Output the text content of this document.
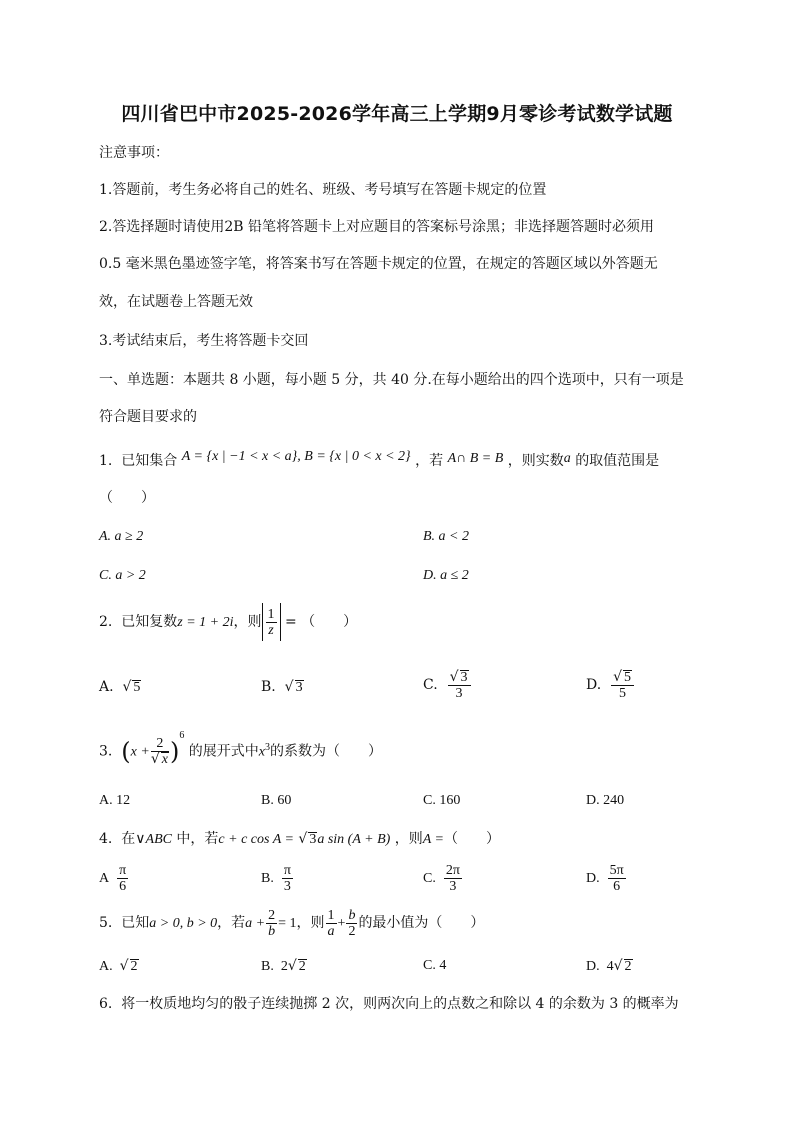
四川省巴中市2025-2026学年高三上学期9月零诊考试数学试题
注意事项：
1.答题前，考生务必将自己的姓名、班级、考号填写在答题卡规定的位置
2.答选择题时请使用2B 铅笔将答题卡上对应题目的答案标号涂黑；非选择题答题时必须用
0.5 毫米黑色墨迹签字笔，将答案书写在答题卡规定的位置，在规定的答题区域以外答题无
效，在试题卷上答题无效
3.考试结束后，考生将答题卡交回
一、单选题：本题共 8 小题，每小题 5 分，共 40 分.在每小题给出的四个选项中，只有一项是
符合题目要求的
1. 已知集合 A = {x | −1 < x < a}, B = {x | 0 < x < 2} ，若 A∩ B = B ，则实数a 的取值范围是
（　　）
A. a ≥ 2	B. a < 2
C. a > 2	D. a ≤ 2
2. 已知复数z = 1 + 2i，则 $\frac{1}{z}$ = （　　）
A. √ 5	B. √ 3	C. $\frac{√ 3}{3}$	D. $\frac{√ 5}{5}$
3. $(x + \frac{2}{√ x} )^6$ 的展开式中$x^3$的系数为（　　）
A. 12	B. 60	C. 160	D. 240
4. 在∨ABC 中，若c + c cos A = √ 3a sin (A + B) ，则A =（　　）
A $\frac{\pi}{6}$	B. $\frac{\pi}{3}$	C. $\frac{2\pi}{3}$	D. $\frac{5\pi}{6}$
5. 已知a > 0, b > 0，若$a + \frac{2}{b} = 1$，则 $\frac{1}{a} + \frac{b}{2}$ 的最小值为（　　）
A. √ 2	B. 2√ 2	C. 4	D. 4√ 2
6. 将一枚质地均匀的骰子连续抛掷 2 次，则两次向上的点数之和除以 4 的余数为 3 的概率为
